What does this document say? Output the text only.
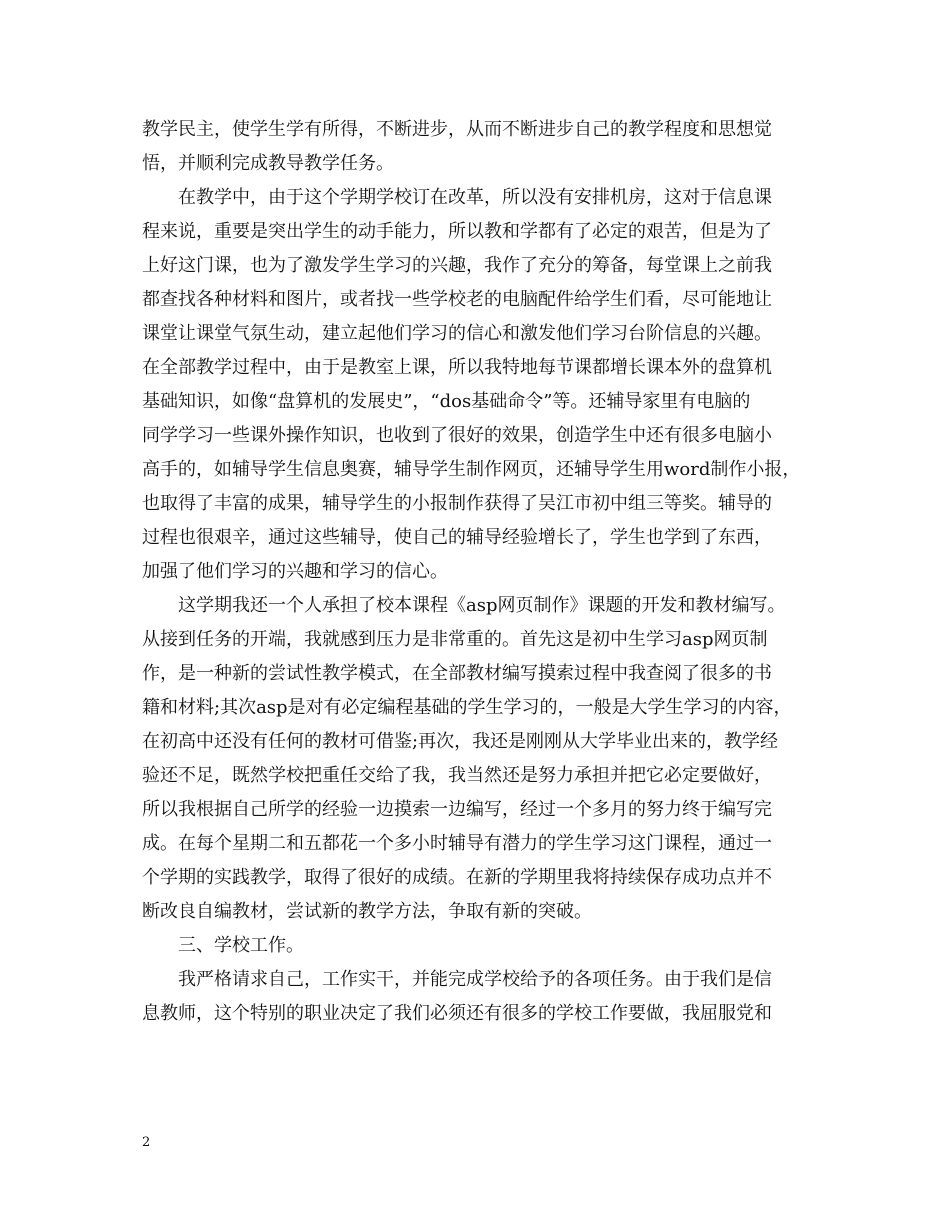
教学民主，使学生学有所得，不断进步，从而不断进步自己的教学程度和思想觉
悟，并顺利完成教导教学任务。
在教学中，由于这个学期学校订在改革，所以没有安排机房，这对于信息课
程来说，重要是突出学生的动手能力，所以教和学都有了必定的艰苦，但是为了
上好这门课，也为了激发学生学习的兴趣，我作了充分的筹备，每堂课上之前我
都查找各种材料和图片，或者找一些学校老的电脑配件给学生们看，尽可能地让
课堂让课堂气氛生动，建立起他们学习的信心和激发他们学习台阶信息的兴趣。
在全部教学过程中，由于是教室上课，所以我特地每节课都增长课本外的盘算机
基础知识，如像“盘算机的发展史”，“dos基础命令”等。还辅导家里有电脑的
同学学习一些课外操作知识，也收到了很好的效果，创造学生中还有很多电脑小
高手的，如辅导学生信息奥赛，辅导学生制作网页，还辅导学生用word制作小报，
也取得了丰富的成果，辅导学生的小报制作获得了吴江市初中组三等奖。辅导的
过程也很艰辛，通过这些辅导，使自己的辅导经验增长了，学生也学到了东西，
加强了他们学习的兴趣和学习的信心。
这学期我还一个人承担了校本课程《asp网页制作》课题的开发和教材编写。
从接到任务的开端，我就感到压力是非常重的。首先这是初中生学习asp网页制
作，是一种新的尝试性教学模式，在全部教材编写摸索过程中我查阅了很多的书
籍和材料;其次asp是对有必定编程基础的学生学习的，一般是大学生学习的内容，
在初高中还没有任何的教材可借鉴;再次，我还是刚刚从大学毕业出来的，教学经
验还不足，既然学校把重任交给了我，我当然还是努力承担并把它必定要做好，
所以我根据自己所学的经验一边摸索一边编写，经过一个多月的努力终于编写完
成。在每个星期二和五都花一个多小时辅导有潜力的学生学习这门课程，通过一
个学期的实践教学，取得了很好的成绩。在新的学期里我将持续保存成功点并不
断改良自编教材，尝试新的教学方法，争取有新的突破。
三、学校工作。
我严格请求自己，工作实干，并能完成学校给予的各项任务。由于我们是信
息教师，这个特别的职业决定了我们必须还有很多的学校工作要做，我屈服党和
2
